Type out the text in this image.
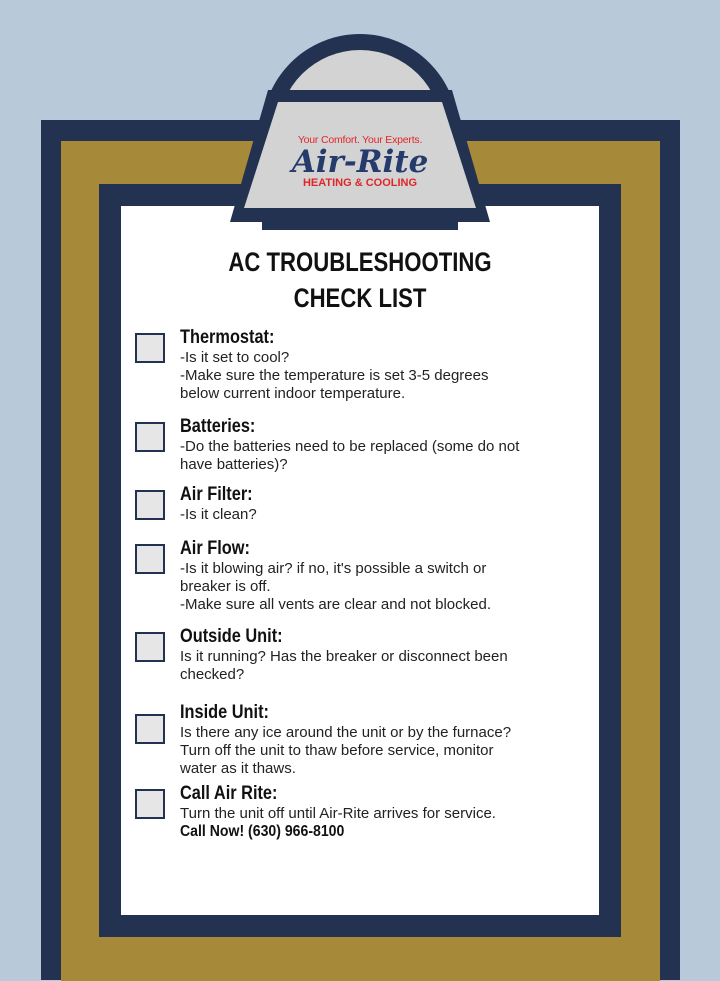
Your Comfort. Your Experts.
Air-Rite
HEATING & COOLING
AC TROUBLESHOOTING
CHECK LIST
Thermostat:
-Is it set to cool?
-Make sure the temperature is set 3-5 degrees
below current indoor temperature.
Batteries:
-Do the batteries need to be replaced (some do not
have batteries)?
Air Filter:
-Is it clean?
Air Flow:
-Is it blowing air? if no, it's possible a switch or
breaker is off.
-Make sure all vents are clear and not blocked.
Outside Unit:
Is it running? Has the breaker or disconnect been
checked?
Inside Unit:
Is there any ice around the unit or by the furnace?
Turn off the unit to thaw before service, monitor
water as it thaws.
Call Air Rite:
Turn the unit off until Air-Rite arrives for service.
Call Now! (630) 966-8100
